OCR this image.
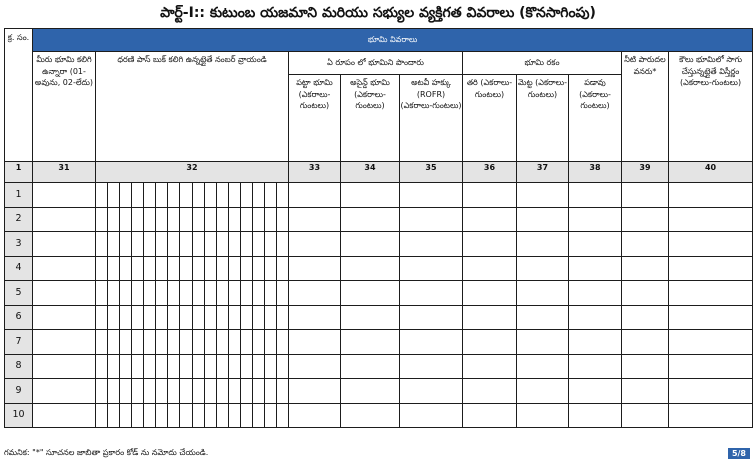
పార్ట్-I:: కుటుంబ యజమాని మరియు సభ్యుల వ్యక్తిగత వివరాలు (కొనసాగింపు)
క్ర. సం.	భూమి వివరాలు									
	మీరు భూమి కలిగి ఉన్నారా (01-అవును, 02-లేదు)	ధరణి పాస్ బుక్ కలిగి ఉన్నట్లైతే నంబర్ వ్రాయండి	ఏ రూపం లో భూమిని పొందారు			భూమి రకం			నీటి పారుదల వనరు*	కౌలు భూమిలో సాగు చేస్తున్నట్లైతే విస్తీర్ణం (ఎకరాలు-గుంటలు)
			పట్టా భూమి (ఎకరాలు-గుంటలు)	అసైన్డ్ భూమి (ఎకరాలు-గుంటలు)	అటవీ హక్కు (ROFR) (ఎకరాలు-గుంటలు)	తరి (ఎకరాలు-గుంటలు)	మెట్ట (ఎకరాలు-గుంటలు)	పడావు (ఎకరాలు-గుంటలు)		
1	31	32	33	34	35	36	37	38	39	40
1		

2		

3		

4		

5		

6		

7		

8		

9		

10		

గమనిక: "*" సూచనల జాబితా ప్రకారం కోడ్ ను నమోదు చేయండి.	5/8
